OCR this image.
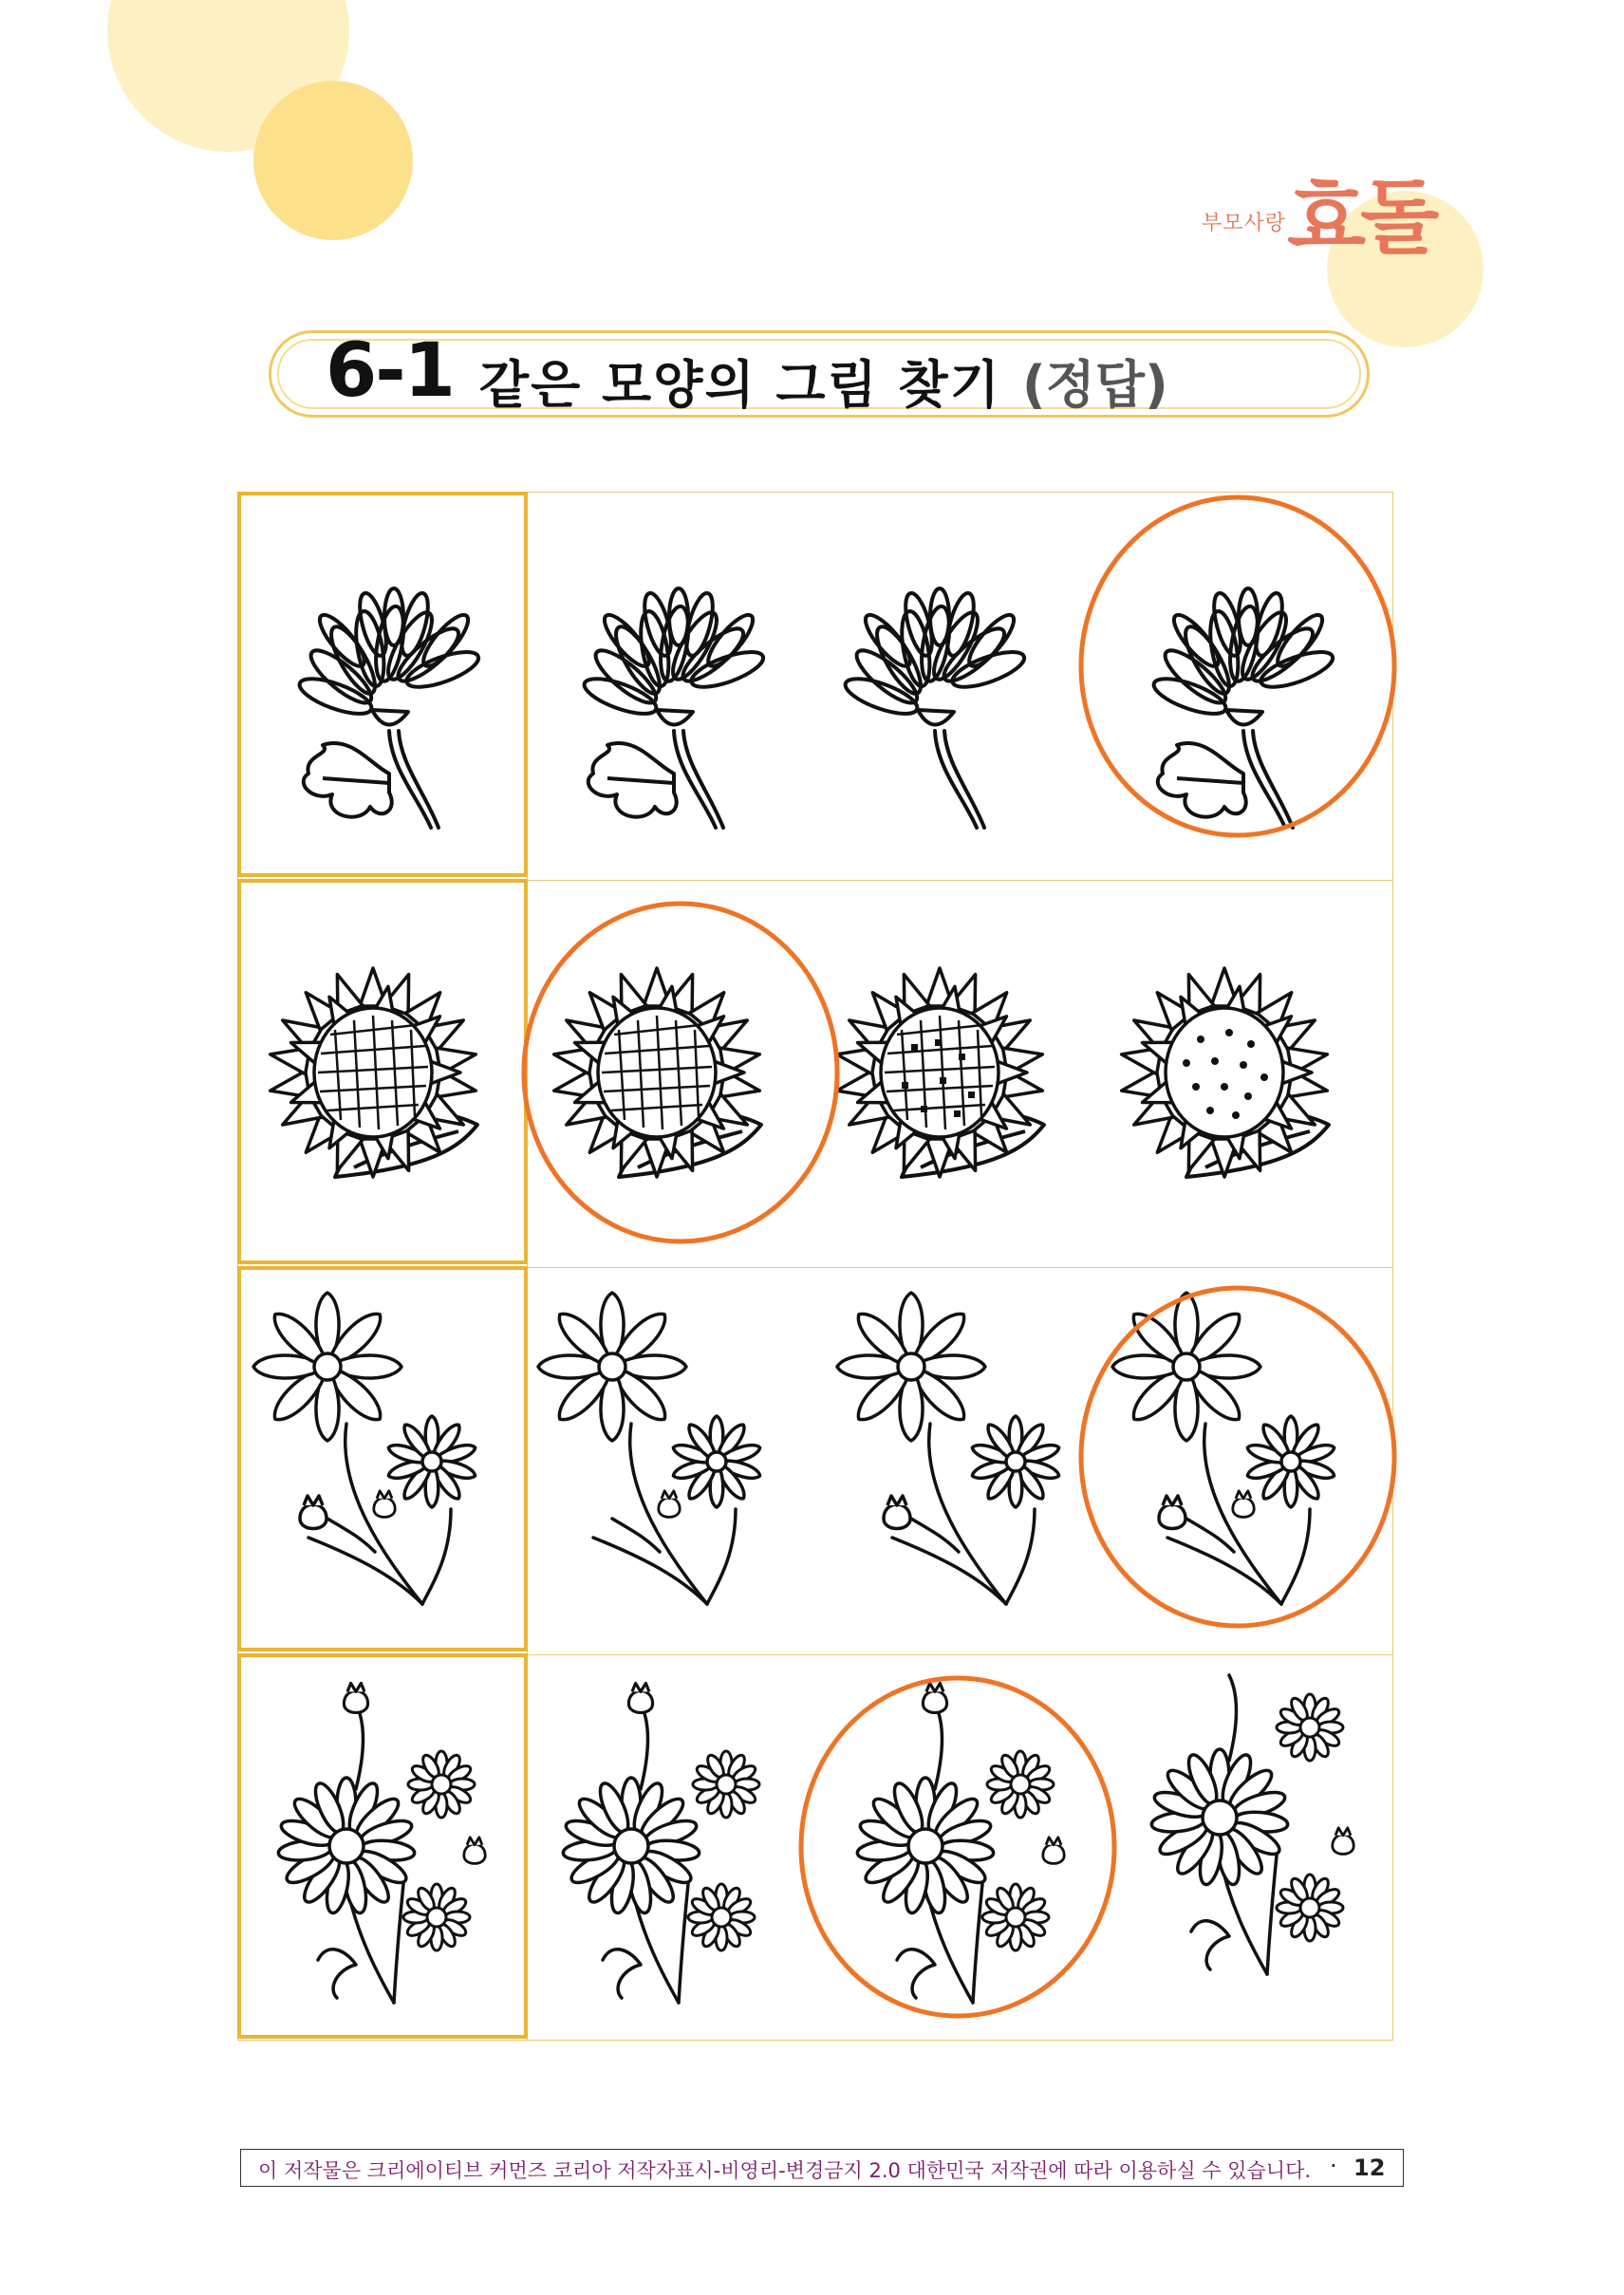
부모사랑 효돌
6-1 같은 모양의 그림 찾기 (정답)
이 저작물은 크리에이티브 커먼즈 코리아 저작자표시-비영리-변경금지 2.0 대한민국 저작권에 따라 이용하실 수 있습니다. · 12
